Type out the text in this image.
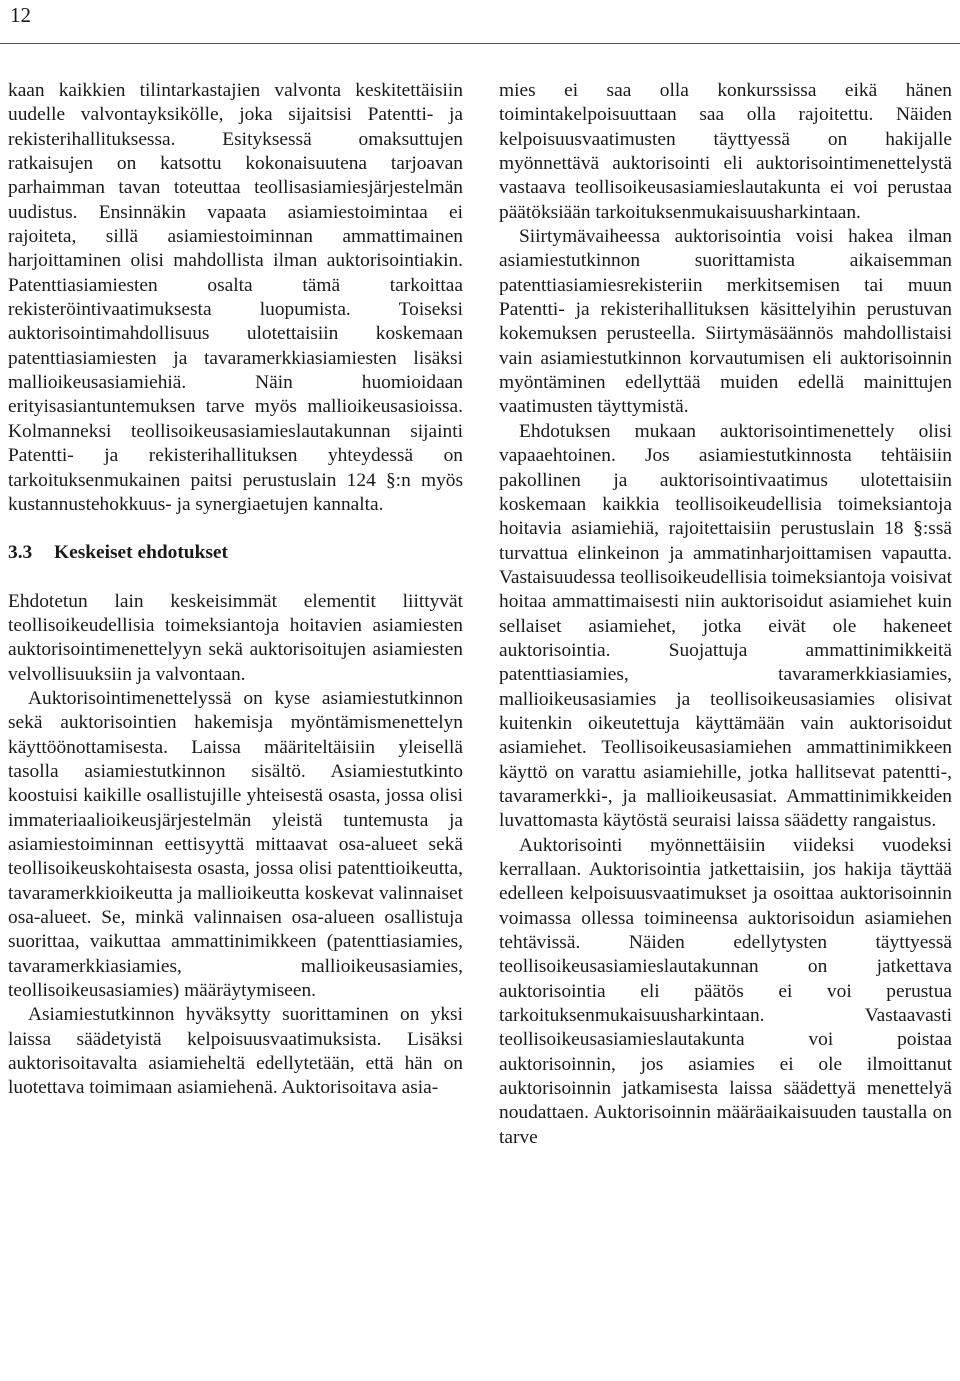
12

kaan kaikkien tilintarkastajien valvonta keskitettäisiin uudelle valvontayksikölle, joka sijaitsisi Patentti- ja rekisterihallituksessa. Esityksessä omaksuttujen ratkaisujen on katsottu kokonaisuutena tarjoavan parhaimman tavan toteuttaa teollisasiamiesjärjestelmän uudistus. Ensinnäkin vapaata asiamiestoimintaa ei rajoiteta, sillä asiamiestoiminnan ammattimainen harjoittaminen olisi mahdollista ilman auktorisointiakin. Patenttiasiamiesten osalta tämä tarkoittaa rekisteröintivaatimuksesta luopumista. Toiseksi auktorisointimahdollisuus ulotettaisiin koskemaan patenttiasiamiesten ja tavaramerkkiasiamiesten lisäksi mallioikeusasiamiehiä. Näin huomioidaan erityisasiantuntemuksen tarve myös mallioikeusasioissa. Kolmanneksi teollisoikeusasiamieslautakunnan sijainti Patentti- ja rekisterihallituksen yhteydessä on tarkoituksenmukainen paitsi perustuslain 124 §:n myös kustannustehokkuus- ja synergiaetujen kannalta.

3.3 Keskeiset ehdotukset

Ehdotetun lain keskeisimmät elementit liittyvät teollisoikeudellisia toimeksiantoja hoitavien asiamiesten auktorisointimenettelyyn sekä auktorisoitujen asiamiesten velvollisuuksiin ja valvontaan.

Auktorisointimenettelyssä on kyse asiamiestutkinnon sekä auktorisointien hakemisja myöntämismenettelyn käyttöönottamisesta. Laissa määriteltäisiin yleisellä tasolla asiamiestutkinnon sisältö. Asiamiestutkinto koostuisi kaikille osallistujille yhteisestä osasta, jossa olisi immateriaalioikeusjärjestelmän yleistä tuntemusta ja asiamiestoiminnan eettisyyttä mittaavat osa-alueet sekä teollisoikeuskohtaisesta osasta, jossa olisi patenttioikeutta, tavaramerkkioikeutta ja mallioikeutta koskevat valinnaiset osa-alueet. Se, minkä valinnaisen osa-alueen osallistuja suorittaa, vaikuttaa ammattinimikkeen (patenttiasiamies, tavaramerkkiasiamies, mallioikeusasiamies, teollisoikeusasiamies) määräytymiseen.

Asiamiestutkinnon hyväksytty suorittaminen on yksi laissa säädetyistä kelpoisuusvaatimuksista. Lisäksi auktorisoitavalta asiamieheltä edellytetään, että hän on luotettava toimimaan asiamiehenä. Auktorisoitava asia-

mies ei saa olla konkurssissa eikä hänen toimintakelpoisuuttaan saa olla rajoitettu. Näiden kelpoisuusvaatimusten täyttyessä on hakijalle myönnettävä auktorisointi eli auktorisointimenettelystä vastaava teollisoikeusasiamieslautakunta ei voi perustaa päätöksiään tarkoituksenmukaisuusharkintaan.

Siirtymävaiheessa auktorisointia voisi hakea ilman asiamiestutkinnon suorittamista aikaisemman patenttiasiamiesrekisteriin merkitsemisen tai muun Patentti- ja rekisterihallituksen käsittelyihin perustuvan kokemuksen perusteella. Siirtymäsäännös mahdollistaisi vain asiamiestutkinnon korvautumisen eli auktorisoinnin myöntäminen edellyttää muiden edellä mainittujen vaatimusten täyttymistä.

Ehdotuksen mukaan auktorisointimenettely olisi vapaaehtoinen. Jos asiamiestutkinnosta tehtäisiin pakollinen ja auktorisointivaatimus ulotettaisiin koskemaan kaikkia teollisoikeudellisia toimeksiantoja hoitavia asiamiehiä, rajoitettaisiin perustuslain 18 §:ssä turvattua elinkeinon ja ammatinharjoittamisen vapautta. Vastaisuudessa teollisoikeudellisia toimeksiantoja voisivat hoitaa ammattimaisesti niin auktorisoidut asiamiehet kuin sellaiset asiamiehet, jotka eivät ole hakeneet auktorisointia. Suojattuja ammattinimikkeitä patenttiasiamies, tavaramerkkiasiamies, mallioikeusasiamies ja teollisoikeusasiamies olisivat kuitenkin oikeutettuja käyttämään vain auktorisoidut asiamiehet. Teollisoikeusasiamiehen ammattinimikkeen käyttö on varattu asiamiehille, jotka hallitsevat patentti-, tavaramerkki-, ja mallioikeusasiat. Ammattinimikkeiden luvattomasta käytöstä seuraisi laissa säädetty rangaistus.

Auktorisointi myönnettäisiin viideksi vuodeksi kerrallaan. Auktorisointia jatkettaisiin, jos hakija täyttää edelleen kelpoisuusvaatimukset ja osoittaa auktorisoinnin voimassa ollessa toimineensa auktorisoidun asiamiehen tehtävissä. Näiden edellytysten täyttyessä teollisoikeusasiamieslautakunnan on jatkettava auktorisointia eli päätös ei voi perustua tarkoituksenmukaisuusharkintaan. Vastaavasti teollisoikeusasiamieslautakunta voi poistaa auktorisoinnin, jos asiamies ei ole ilmoittanut auktorisoinnin jatkamisesta laissa säädettyä menettelyä noudattaen. Auktorisoinnin määräaikaisuuden taustalla on tarve
